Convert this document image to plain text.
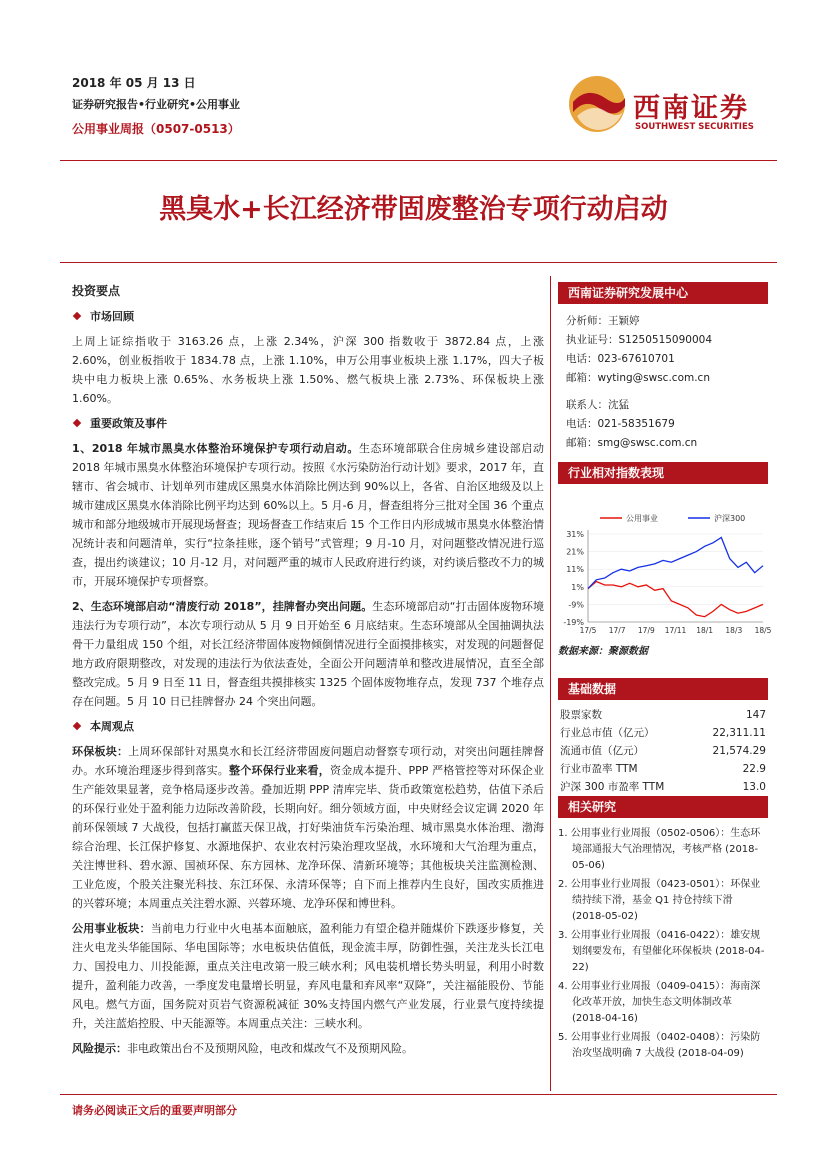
2018 年 05 月 13 日
证券研究报告•行业研究•公用事业
公用事业周报（0507-0513）
西南证券
SOUTHWEST SECURITIES
黑臭水+长江经济带固废整治专项行动启动
投资要点
市场回顾

上周上证综指收于 3163.26 点，上涨 2.34%，沪深 300 指数收于 3872.84 点，上涨 2.60%，创业板指收于 1834.78 点，上涨 1.10%，申万公用事业板块上涨 1.17%，四大子板块中电力板块上涨 0.65%、水务板块上涨 1.50%、燃气板块上涨 2.73%、环保板块上涨 1.60%。

重要政策及事件

1、2018 年城市黑臭水体整治环境保护专项行动启动。生态环境部联合住房城乡建设部启动 2018 年城市黑臭水体整治环境保护专项行动。按照《水污染防治行动计划》要求，2017 年，直辖市、省会城市、计划单列市建成区黑臭水体消除比例达到 90%以上，各省、自治区地级及以上城市建成区黑臭水体消除比例平均达到 60%以上。5 月-6 月，督查组将分三批对全国 36 个重点城市和部分地级城市开展现场督查；现场督查工作结束后 15 个工作日内形成城市黑臭水体整治情况统计表和问题清单，实行“拉条挂账，逐个销号”式管理；9 月-10 月，对问题整改情况进行巡查，提出约谈建议；10 月-12 月，对问题严重的城市人民政府进行约谈，对约谈后整改不力的城市，开展环境保护专项督察。

2、生态环境部启动“清废行动 2018”，挂牌督办突出问题。生态环境部启动“打击固体废物环境违法行为专项行动”，本次专项行动从 5 月 9 日开始至 6 月底结束。生态环境部从全国抽调执法骨干力量组成 150 个组，对长江经济带固体废物倾倒情况进行全面摸排核实，对发现的问题督促地方政府限期整改，对发现的违法行为依法查处，全面公开问题清单和整改进展情况，直至全部整改完成。5 月 9 日至 11 日，督查组共摸排核实 1325 个固体废物堆存点，发现 737 个堆存点存在问题。5 月 10 日已挂牌督办 24 个突出问题。

本周观点

环保板块：上周环保部针对黑臭水和长江经济带固废问题启动督察专项行动，对突出问题挂牌督办。水环境治理逐步得到落实。整个环保行业来看，资金成本提升、PPP 严格管控等对环保企业生产能效果显著，竞争格局逐步改善。叠加近期 PPP 清库完毕、货币政策宽松趋势，估值下杀后的环保行业处于盈利能力边际改善阶段，长期向好。细分领域方面，中央财经会议定调 2020 年前环保领域 7 大战役，包括打赢蓝天保卫战，打好柴油货车污染治理、城市黑臭水体治理、渤海综合治理、长江保护修复、水源地保护、农业农村污染治理攻坚战，水环境和大气治理为重点，关注博世科、碧水源、国祯环保、东方园林、龙净环保、清新环境等；其他板块关注监测检测、工业危废，个股关注聚光科技、东江环保、永清环保等；自下而上推荐内生良好，国改实质推进的兴蓉环境；本周重点关注碧水源、兴蓉环境、龙净环保和博世科。

公用事业板块：当前电力行业中火电基本面触底，盈利能力有望企稳并随煤价下跌逐步修复，关注火电龙头华能国际、华电国际等；水电板块估值低，现金流丰厚，防御性强，关注龙头长江电力、国投电力、川投能源，重点关注电改第一股三峡水利；风电装机增长势头明显，利用小时数提升，盈利能力改善，一季度发电量增长明显，弃风电量和弃风率“双降”，关注福能股份、节能风电。燃气方面，国务院对页岩气资源税减征 30%支持国内燃气产业发展，行业景气度持续提升，关注蓝焰控股、中天能源等。本周重点关注：三峡水利。

风险提示：非电政策出台不及预期风险，电改和煤改气不及预期风险。

西南证券研究发展中心
分析师：王颖婷
执业证号：S1250515090004
电话：023-67610701
邮箱：wyting@swsc.com.cn
联系人：沈猛
电话：021-58351679
邮箱：smg@swsc.com.cn
行业相对指数表现
公用事业	沪深300
31%
21%
11%
1%
-9%
-19%
17/5 17/7 17/9 17/11 18/1 18/3 18/5
数据来源：聚源数据
基础数据
股票家数	147
行业总市值（亿元）	22,311.11
流通市值（亿元）	21,574.29
行业市盈率 TTM	22.9
沪深 300 市盈率 TTM	13.0
相关研究
1. 公用事业行业周报（0502-0506）：生态环境部通报大气治理情况，考核严格 (2018-05-06)
2. 公用事业行业周报（0423-0501）：环保业绩持续下滑，基金 Q1 持仓持续下滑 (2018-05-02)
3. 公用事业行业周报（0416-0422）：雄安规划纲要发布，有望催化环保板块 (2018-04-22)
4. 公用事业行业周报（0409-0415）：海南深化改革开放，加快生态文明体制改革 (2018-04-16)
5. 公用事业行业周报（0402-0408）：污染防治攻坚战明确 7 大战役 (2018-04-09)
请务必阅读正文后的重要声明部分
